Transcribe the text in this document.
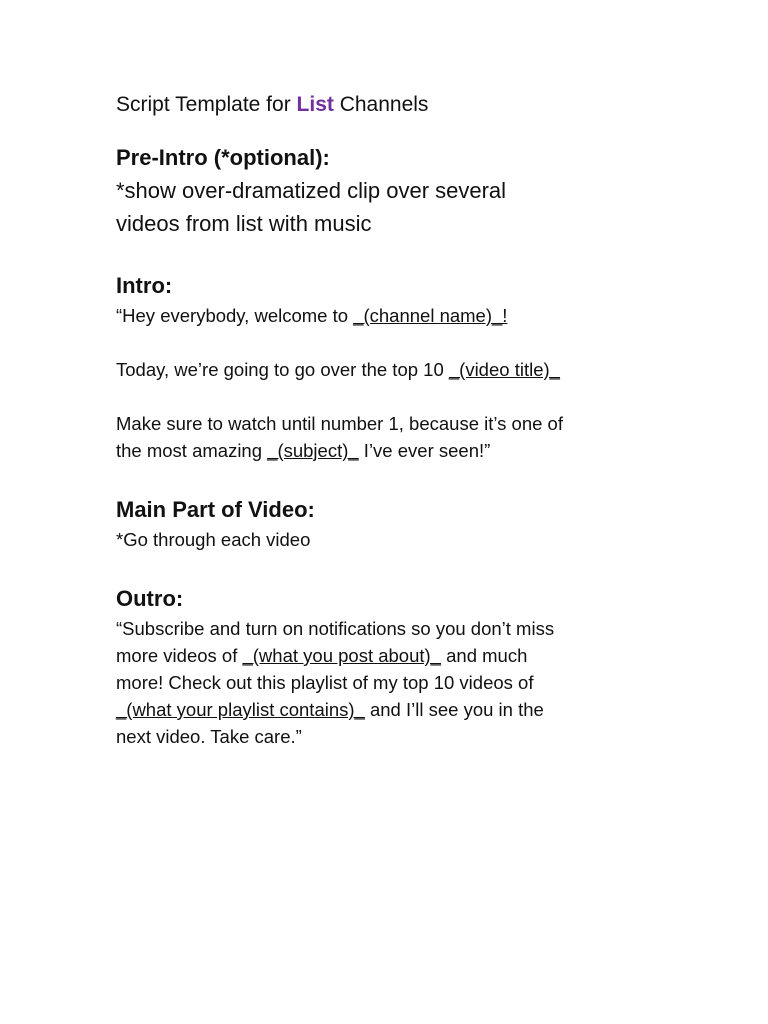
Script Template for List Channels

Pre-Intro (*optional):

*show over-dramatized clip over several

videos from list with music

Intro:

“Hey everybody, welcome to _(channel name)_!

Today, we’re going to go over the top 10 _(video title)_

Make sure to watch until number 1, because it’s one of

the most amazing _(subject)_ I’ve ever seen!”

Main Part of Video:

*Go through each video

Outro:

“Subscribe and turn on notifications so you don’t miss

more videos of _(what you post about)_ and much

more! Check out this playlist of my top 10 videos of

_(what your playlist contains)_ and I’ll see you in the

next video. Take care.”
